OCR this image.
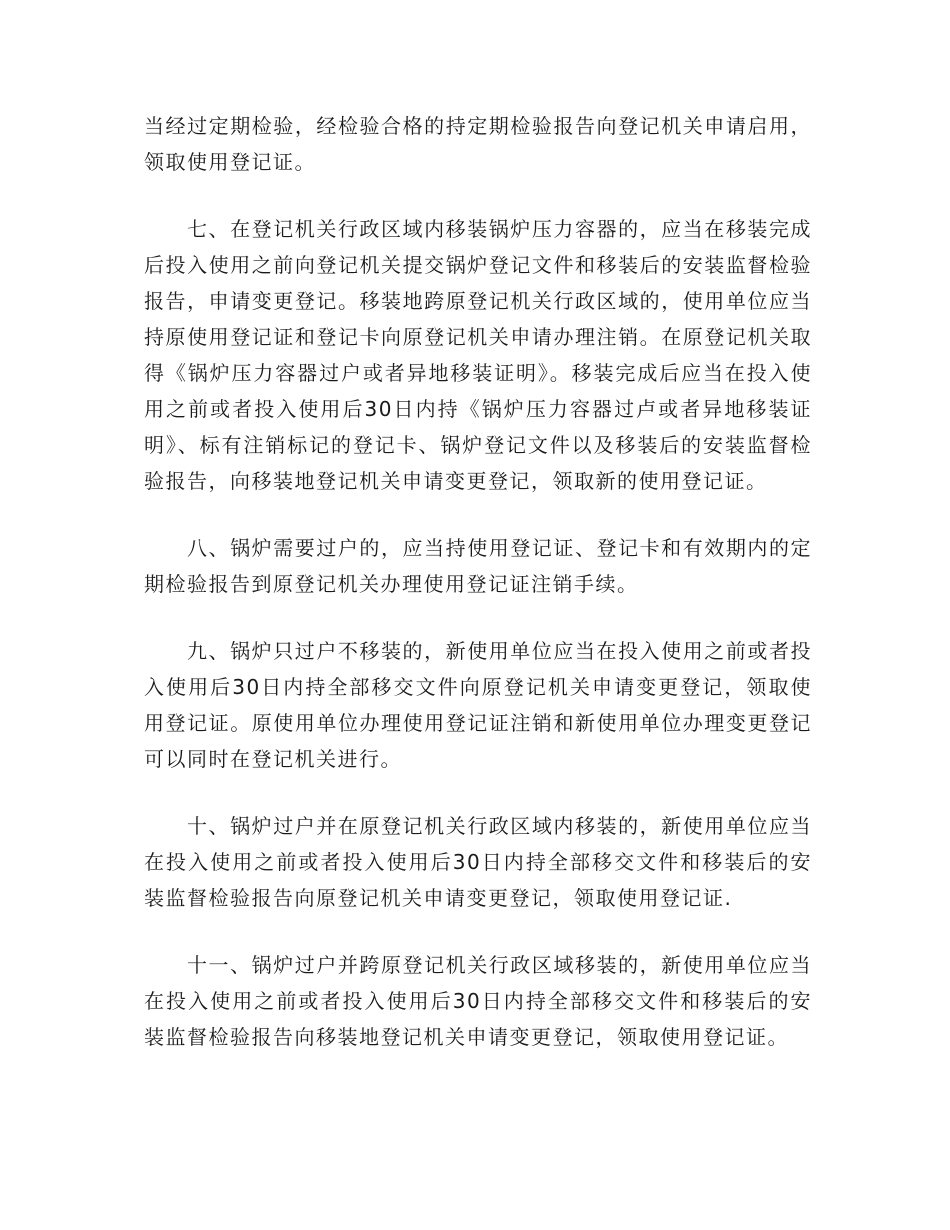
当经过定期检验，经检验合格的持定期检验报告向登记机关申请启用，领取使用登记证。

七、在登记机关行政区域内移装锅炉压力容器的，应当在移装完成后投入使用之前向登记机关提交锅炉登记文件和移装后的安装监督检验报告，申请变更登记。移装地跨原登记机关行政区域的，使用单位应当持原使用登记证和登记卡向原登记机关申请办理注销。在原登记机关取得《锅炉压力容器过户或者异地移装证明》。移装完成后应当在投入使用之前或者投入使用后30日内持《锅炉压力容器过卢或者异地移装证明》、标有注销标记的登记卡、锅炉登记文件以及移装后的安装监督检验报告，向移装地登记机关申请变更登记，领取新的使用登记证。

八、锅炉需要过户的，应当持使用登记证、登记卡和有效期内的定期检验报告到原登记机关办理使用登记证注销手续。

九、锅炉只过户不移装的，新使用单位应当在投入使用之前或者投入使用后30日内持全部移交文件向原登记机关申请变更登记，领取使用登记证。原使用单位办理使用登记证注销和新使用单位办理变更登记可以同时在登记机关进行。

十、锅炉过户并在原登记机关行政区域内移装的，新使用单位应当在投入使用之前或者投入使用后30日内持全部移交文件和移装后的安装监督检验报告向原登记机关申请变更登记，领取使用登记证.

十一、锅炉过户并跨原登记机关行政区域移装的，新使用单位应当在投入使用之前或者投入使用后30日内持全部移交文件和移装后的安装监督检验报告向移装地登记机关申请变更登记，领取使用登记证。
